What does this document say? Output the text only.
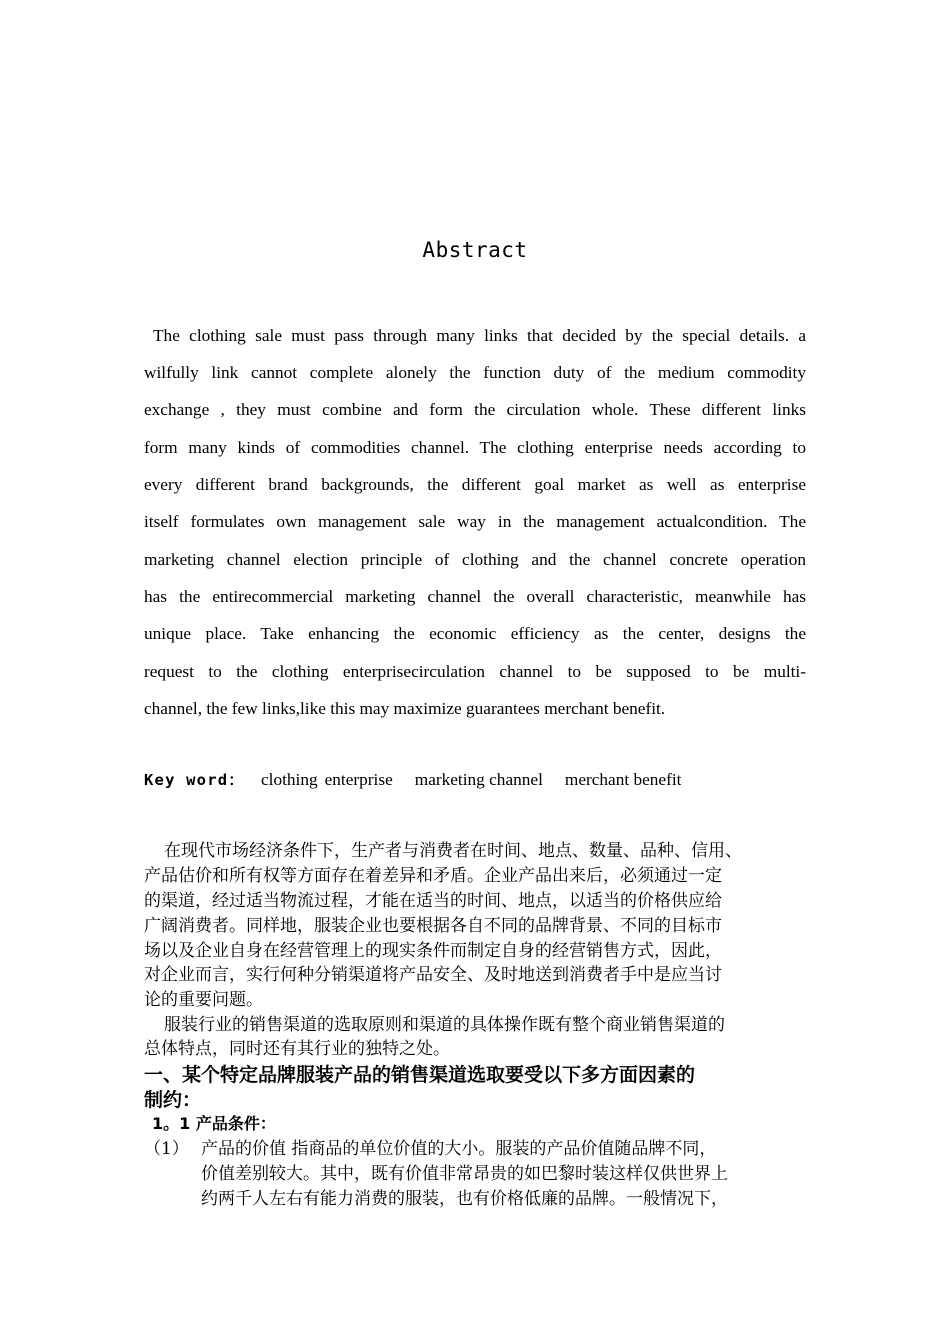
Abstract
The clothing sale must pass through many links that decided by the special details. a
wilfully link cannot complete alonely the function duty of the medium commodity
exchange , they must combine and form the circulation whole. These different links
form many kinds of commodities channel. The clothing enterprise needs according to
every different brand backgrounds, the different goal market as well as enterprise
itself formulates own management sale way in the management actualcondition. The
marketing channel election principle of clothing and the channel concrete operation
has the entirecommercial marketing channel the overall characteristic, meanwhile has
unique place. Take enhancing the economic efficiency as the center, designs the
request to the clothing enterprisecirculation channel to be supposed to be multi-
channel, the few links,like this may maximize guarantees merchant benefit.
Key word： clothing enterprise marketing channel merchant benefit
在现代市场经济条件下，生产者与消费者在时间、地点、数量、品种、信用、
产品估价和所有权等方面存在着差异和矛盾。企业产品出来后，必须通过一定
的渠道，经过适当物流过程，才能在适当的时间、地点，以适当的价格供应给
广阔消费者。同样地，服装企业也要根据各自不同的品牌背景、不同的目标市
场以及企业自身在经营管理上的现实条件而制定自身的经营销售方式，因此，
对企业而言，实行何种分销渠道将产品安全、及时地送到消费者手中是应当讨
论的重要问题。
服装行业的销售渠道的选取原则和渠道的具体操作既有整个商业销售渠道的
总体特点，同时还有其行业的独特之处。
一、某个特定品牌服装产品的销售渠道选取要受以下多方面因素的
制约：
1。1 产品条件：
（1） 产品的价值 指商品的单位价值的大小。服装的产品价值随品牌不同，
价值差别较大。其中，既有价值非常昂贵的如巴黎时装这样仅供世界上
约两千人左右有能力消费的服装，也有价格低廉的品牌。一般情况下，
